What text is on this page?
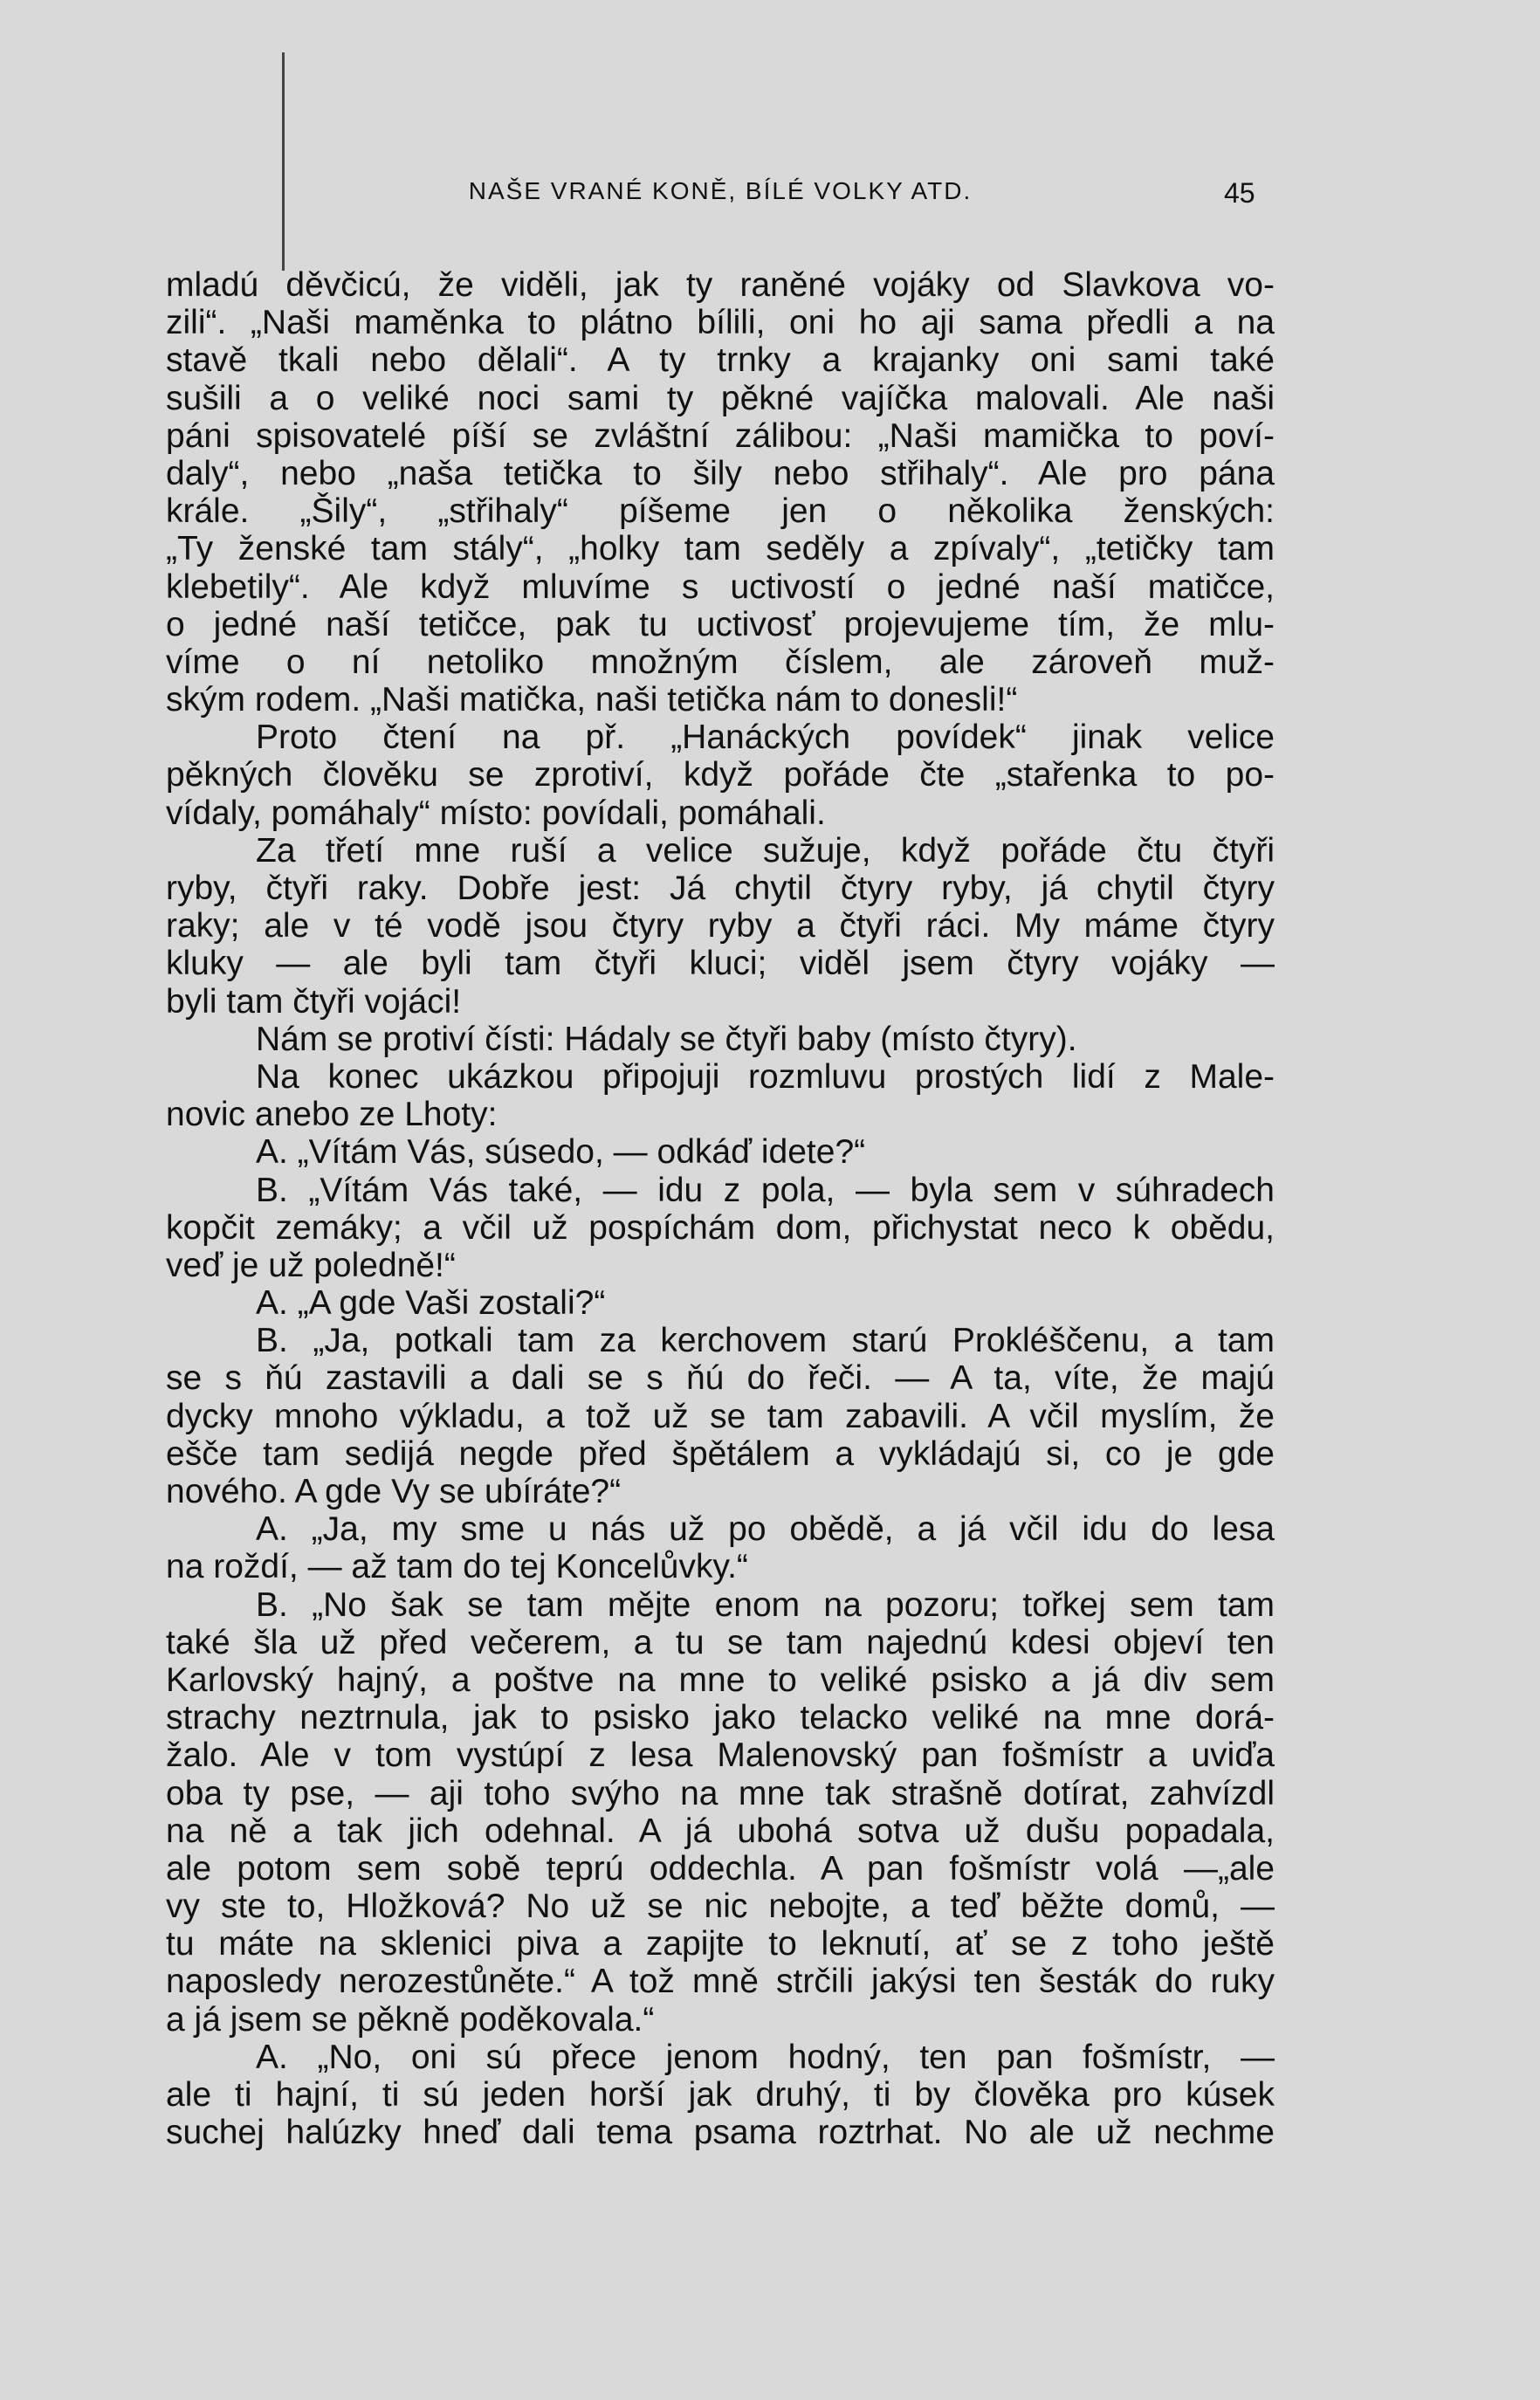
NAŠE VRANÉ KONĚ, BÍLÉ VOLKY ATD.	45
mladú děvčicú, že viděli, jak ty raněné vojáky od Slavkova vo-
zili“. „Naši maměnka to plátno bílili, oni ho aji sama předli a na
stavě tkali nebo dělali“. A ty trnky a krajanky oni sami také
sušili a o veliké noci sami ty pěkné vajíčka malovali. Ale naši
páni spisovatelé píší se zvláštní zálibou: „Naši mamička to poví-
daly“, nebo „naša tetička to šily nebo střihaly“. Ale pro pána
krále. „Šily“, „střihaly“ píšeme jen o několika ženských:
„Ty ženské tam stály“, „holky tam seděly a zpívaly“, „tetičky tam
klebetily“. Ale když mluvíme s uctivostí o jedné naší matičce,
o jedné naší tetičce, pak tu uctivosť projevujeme tím, že mlu-
víme o ní netoliko množným číslem, ale zároveň muž-
ským rodem. „Naši matička, naši tetička nám to donesli!“
Proto čtení na př. „Hanáckých povídek“ jinak velice
pěkných člověku se zprotiví, když pořáde čte „stařenka to po-
vídaly, pomáhaly“ místo: povídali, pomáhali.
Za třetí mne ruší a velice sužuje, když pořáde čtu čtyři
ryby, čtyři raky. Dobře jest: Já chytil čtyry ryby, já chytil čtyry
raky; ale v té vodě jsou čtyry ryby a čtyři ráci. My máme čtyry
kluky — ale byli tam čtyři kluci; viděl jsem čtyry vojáky —
byli tam čtyři vojáci!
Nám se protiví čísti: Hádaly se čtyři baby (místo čtyry).
Na konec ukázkou připojuji rozmluvu prostých lidí z Male-
novic anebo ze Lhoty:
A. „Vítám Vás, súsedo, — odkáď idete?“
B. „Vítám Vás také, — idu z pola, — byla sem v súhradech
kopčit zemáky; a včil už pospíchám dom, přichystat neco k obědu,
veď je už poledně!“
A. „A gde Vaši zostali?“
B. „Ja, potkali tam za kerchovem starú Prokléščenu, a tam
se s ňú zastavili a dali se s ňú do řeči. — A ta, víte, že majú
dycky mnoho výkladu, a tož už se tam zabavili. A včil myslím, že
ešče tam sedijá negde před špětálem a vykládajú si, co je gde
nového. A gde Vy se ubíráte?“
A. „Ja, my sme u nás už po obědě, a já včil idu do lesa
na roždí, — až tam do tej Koncelůvky.“
B. „No šak se tam mějte enom na pozoru; tořkej sem tam
také šla už před večerem, a tu se tam najednú kdesi objeví ten
Karlovský hajný, a poštve na mne to veliké psisko a já div sem
strachy neztrnula, jak to psisko jako telacko veliké na mne dorá-
žalo. Ale v tom vystúpí z lesa Malenovský pan fošmístr a uviďa
oba ty pse, — aji toho svýho na mne tak strašně dotírat, zahvízdl
na ně a tak jich odehnal. A já ubohá sotva už dušu popadala,
ale potom sem sobě teprú oddechla. A pan fošmístr volá —„ale
vy ste to, Hložková? No už se nic nebojte, a teď běžte domů, —
tu máte na sklenici piva a zapijte to leknutí, ať se z toho ještě
naposledy nerozestůněte.“ A tož mně strčili jakýsi ten šesták do ruky
a já jsem se pěkně poděkovala.“
A. „No, oni sú přece jenom hodný, ten pan fošmístr, —
ale ti hajní, ti sú jeden horší jak druhý, ti by člověka pro kúsek
suchej halúzky hneď dali tema psama roztrhat. No ale už nechme
